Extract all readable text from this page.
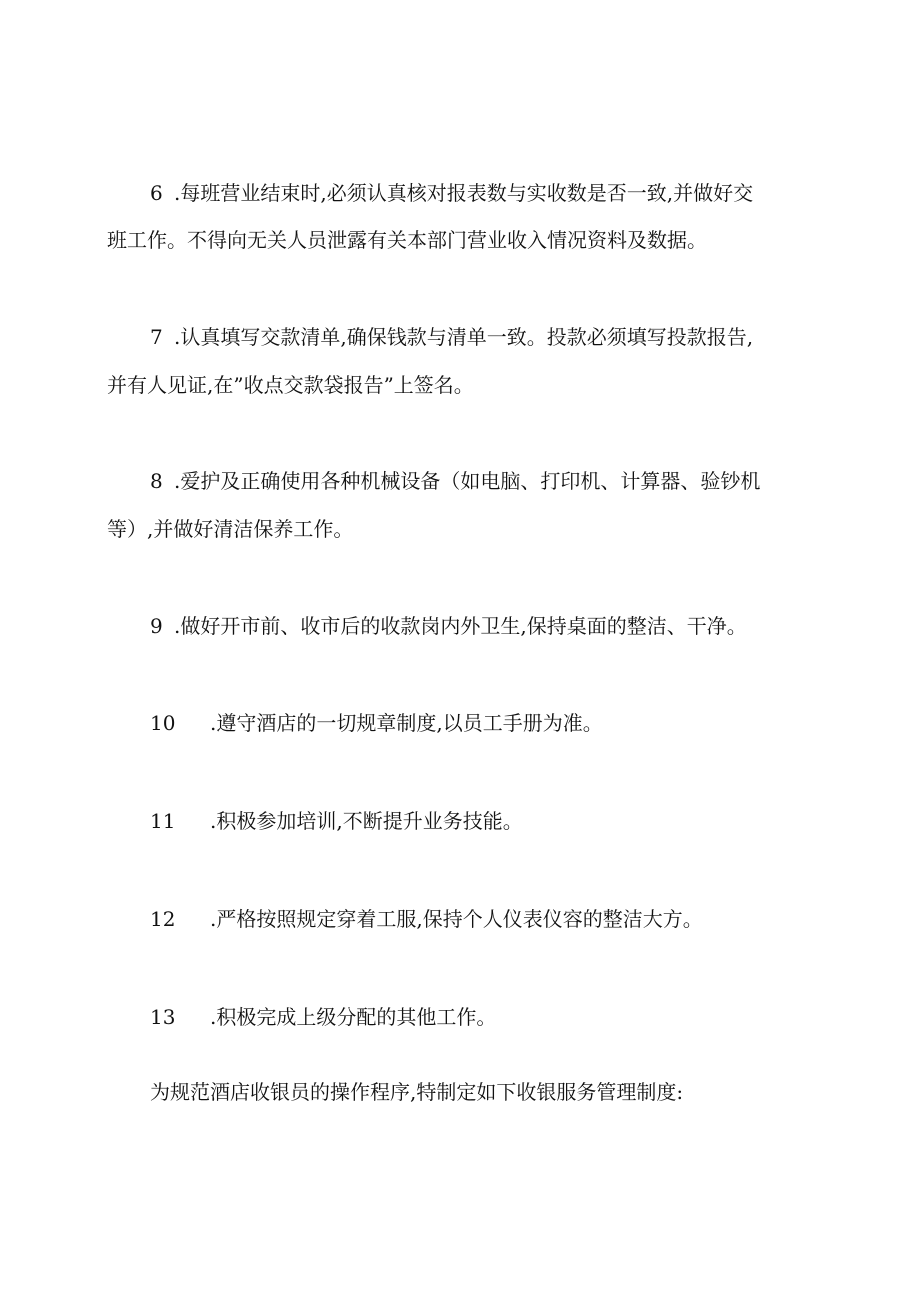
6 .每班营业结束时,必须认真核对报表数与实收数是否一致,并做好交

班工作。不得向无关人员泄露有关本部门营业收入情况资料及数据。

7 .认真填写交款清单,确保钱款与清单一致。投款必须填写投款报告,

并有人见证,在”收点交款袋报告”上签名。

8 .爱护及正确使用各种机械设备（如电脑、打印机、计算器、验钞机

等）,并做好清洁保养工作。

9 .做好开市前、收市后的收款岗内外卫生,保持桌面的整洁、干净。

10 .遵守酒店的一切规章制度,以员工手册为准。

11 .积极参加培训,不断提升业务技能。

12 .严格按照规定穿着工服,保持个人仪表仪容的整洁大方。

13 .积极完成上级分配的其他工作。

为规范酒店收银员的操作程序,特制定如下收银服务管理制度:
